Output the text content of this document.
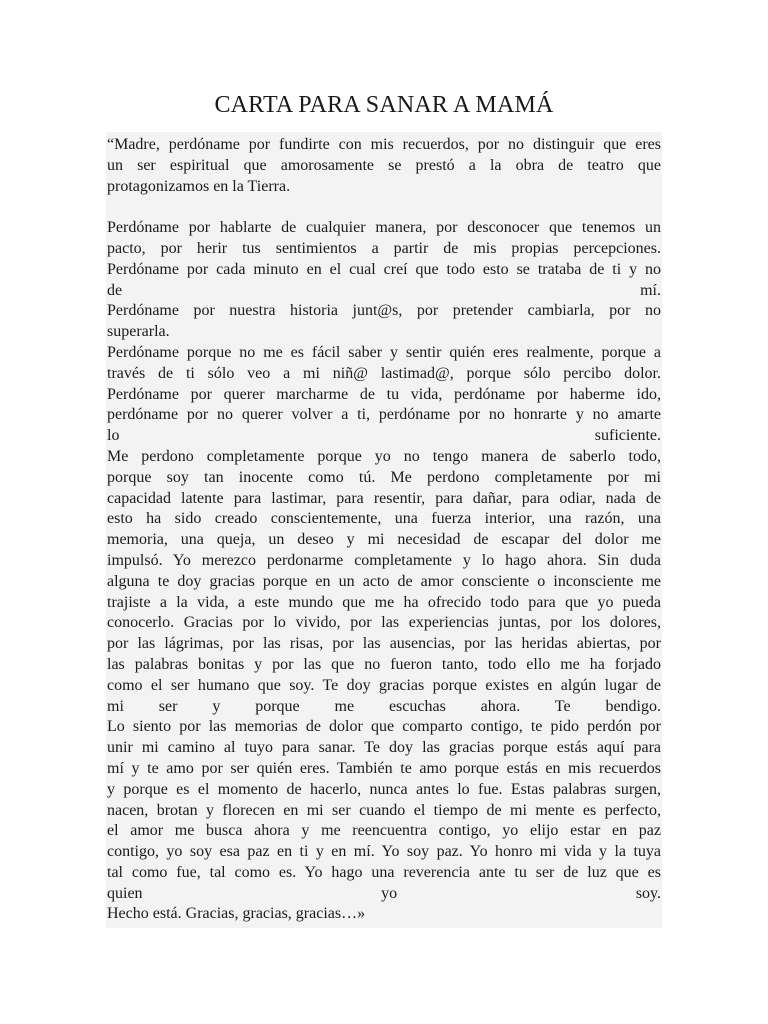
CARTA PARA SANAR A MAMÁ
“Madre, perdóname por fundirte con mis recuerdos, por no distinguir que eres
un ser espiritual que amorosamente se prestó a la obra de teatro que
protagonizamos en la Tierra.
Perdóname por hablarte de cualquier manera, por desconocer que tenemos un
pacto, por herir tus sentimientos a partir de mis propias percepciones.
Perdóname por cada minuto en el cual creí que todo esto se trataba de ti y no
de mí.
Perdóname por nuestra historia junt@s, por pretender cambiarla, por no
superarla.
Perdóname porque no me es fácil saber y sentir quién eres realmente, porque a
través de ti sólo veo a mi niñ@ lastimad@, porque sólo percibo dolor.
Perdóname por querer marcharme de tu vida, perdóname por haberme ido,
perdóname por no querer volver a ti, perdóname por no honrarte y no amarte
lo suficiente.
Me perdono completamente porque yo no tengo manera de saberlo todo,
porque soy tan inocente como tú. Me perdono completamente por mi
capacidad latente para lastimar, para resentir, para dañar, para odiar, nada de
esto ha sido creado conscientemente, una fuerza interior, una razón, una
memoria, una queja, un deseo y mi necesidad de escapar del dolor me
impulsó. Yo merezco perdonarme completamente y lo hago ahora. Sin duda
alguna te doy gracias porque en un acto de amor consciente o inconsciente me
trajiste a la vida, a este mundo que me ha ofrecido todo para que yo pueda
conocerlo. Gracias por lo vivido, por las experiencias juntas, por los dolores,
por las lágrimas, por las risas, por las ausencias, por las heridas abiertas, por
las palabras bonitas y por las que no fueron tanto, todo ello me ha forjado
como el ser humano que soy. Te doy gracias porque existes en algún lugar de
mi ser y porque me escuchas ahora. Te bendigo.
Lo siento por las memorias de dolor que comparto contigo, te pido perdón por
unir mi camino al tuyo para sanar. Te doy las gracias porque estás aquí para
mí y te amo por ser quién eres. También te amo porque estás en mis recuerdos
y porque es el momento de hacerlo, nunca antes lo fue. Estas palabras surgen,
nacen, brotan y florecen en mi ser cuando el tiempo de mi mente es perfecto,
el amor me busca ahora y me reencuentra contigo, yo elijo estar en paz
contigo, yo soy esa paz en ti y en mí. Yo soy paz. Yo honro mi vida y la tuya
tal como fue, tal como es. Yo hago una reverencia ante tu ser de luz que es
quien yo soy.
Hecho está. Gracias, gracias, gracias…»
